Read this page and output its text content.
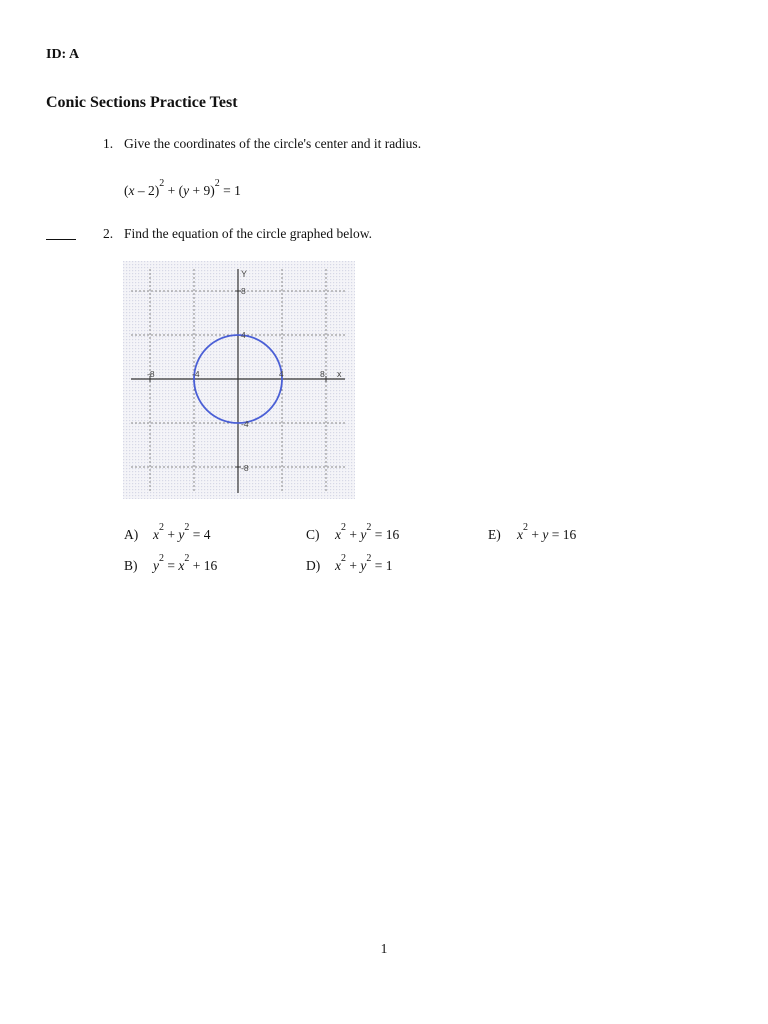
ID: A
Conic Sections Practice Test
1. Give the coordinates of the circle's center and it radius.
$(x - 2)^2 + (y + 9)^2 = 1$
2. Find the equation of the circle graphed below.
x
Y
-8	8
8
-8
-4	4
4
-4
A) $x^2 + y^2 = 4$
B) $y^2 = x^2 + 16$
C) $x^2 + y^2 = 16$
D) $x^2 + y^2 = 1$
E) $x^2 + y = 16$
1
